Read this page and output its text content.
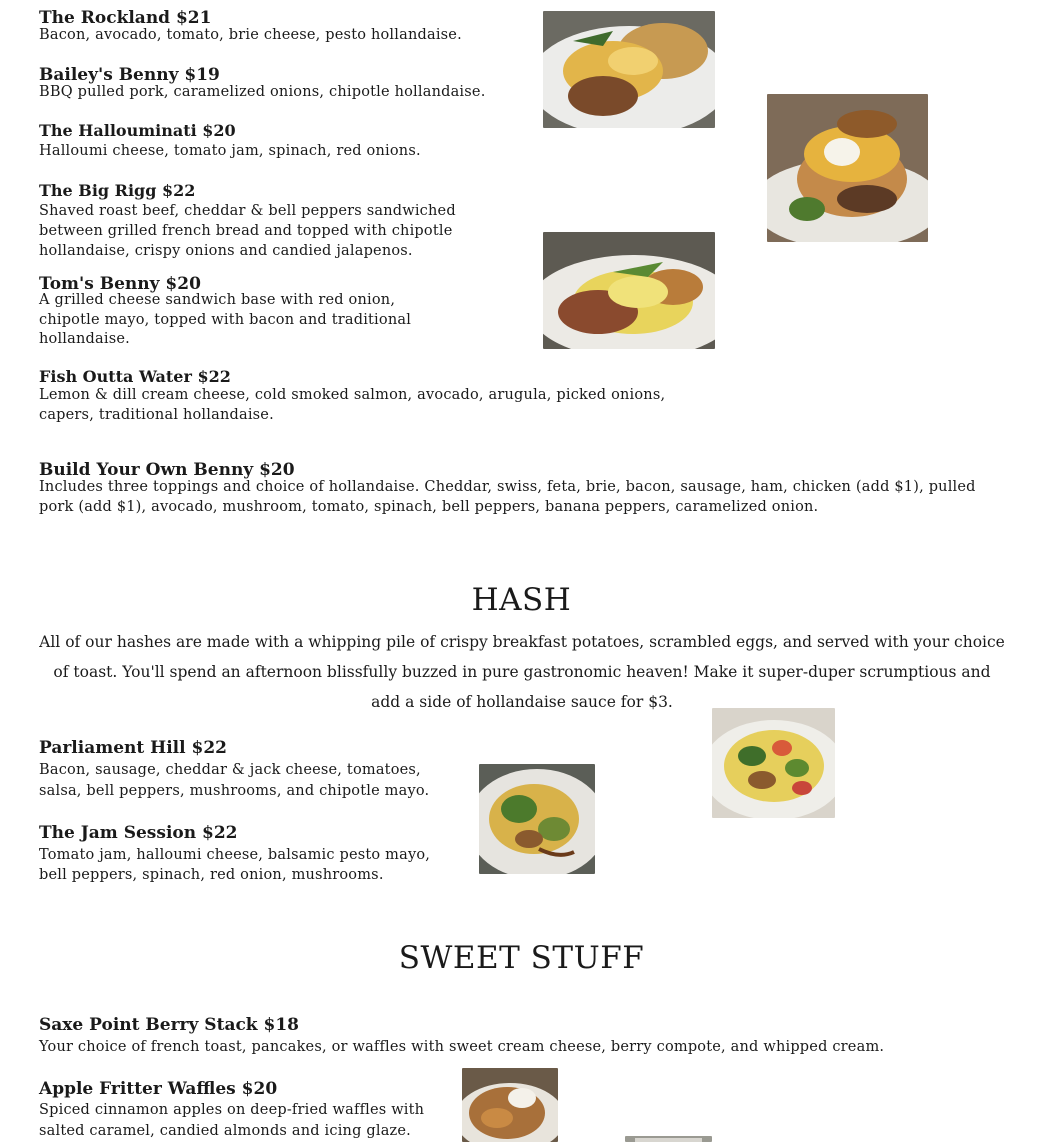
The Rockland $21
Bacon, avocado, tomato, brie cheese, pesto hollandaise.
Bailey's Benny $19
BBQ pulled pork, caramelized onions, chipotle hollandaise.
The Hallouminati $20
Halloumi cheese, tomato jam, spinach, red onions.
The Big Rigg $22
Shaved roast beef, cheddar & bell peppers sandwiched between grilled french bread and topped with chipotle hollandaise, crispy onions and candied jalapenos.
Tom's Benny $20
A grilled cheese sandwich base with red onion, chipotle mayo, topped with bacon and traditional hollandaise.
Fish Outta Water $22
Lemon & dill cream cheese, cold smoked salmon, avocado, arugula, picked onions, capers, traditional hollandaise.
Build Your Own Benny $20
Includes three toppings and choice of hollandaise. Cheddar, swiss, feta, brie, bacon, sausage, ham, chicken (add $1), pulled pork (add $1), avocado, mushroom, tomato, spinach, bell peppers, banana peppers, caramelized onion.
HASH
All of our hashes are made with a whipping pile of crispy breakfast potatoes, scrambled eggs, and served with your choice of toast. You'll spend an afternoon blissfully buzzed in pure gastronomic heaven! Make it super-duper scrumptious and add a side of hollandaise sauce for $3.
Parliament Hill $22
Bacon, sausage, cheddar & jack cheese, tomatoes, salsa, bell peppers, mushrooms, and chipotle mayo.
The Jam Session $22
Tomato jam, halloumi cheese, balsamic pesto mayo, bell peppers, spinach, red onion, mushrooms.
SWEET STUFF
Saxe Point Berry Stack $18
Your choice of french toast, pancakes, or waffles with sweet cream cheese, berry compote, and whipped cream.
Apple Fritter Waffles $20
Spiced cinnamon apples on deep-fried waffles with salted caramel, candied almonds and icing glaze.
